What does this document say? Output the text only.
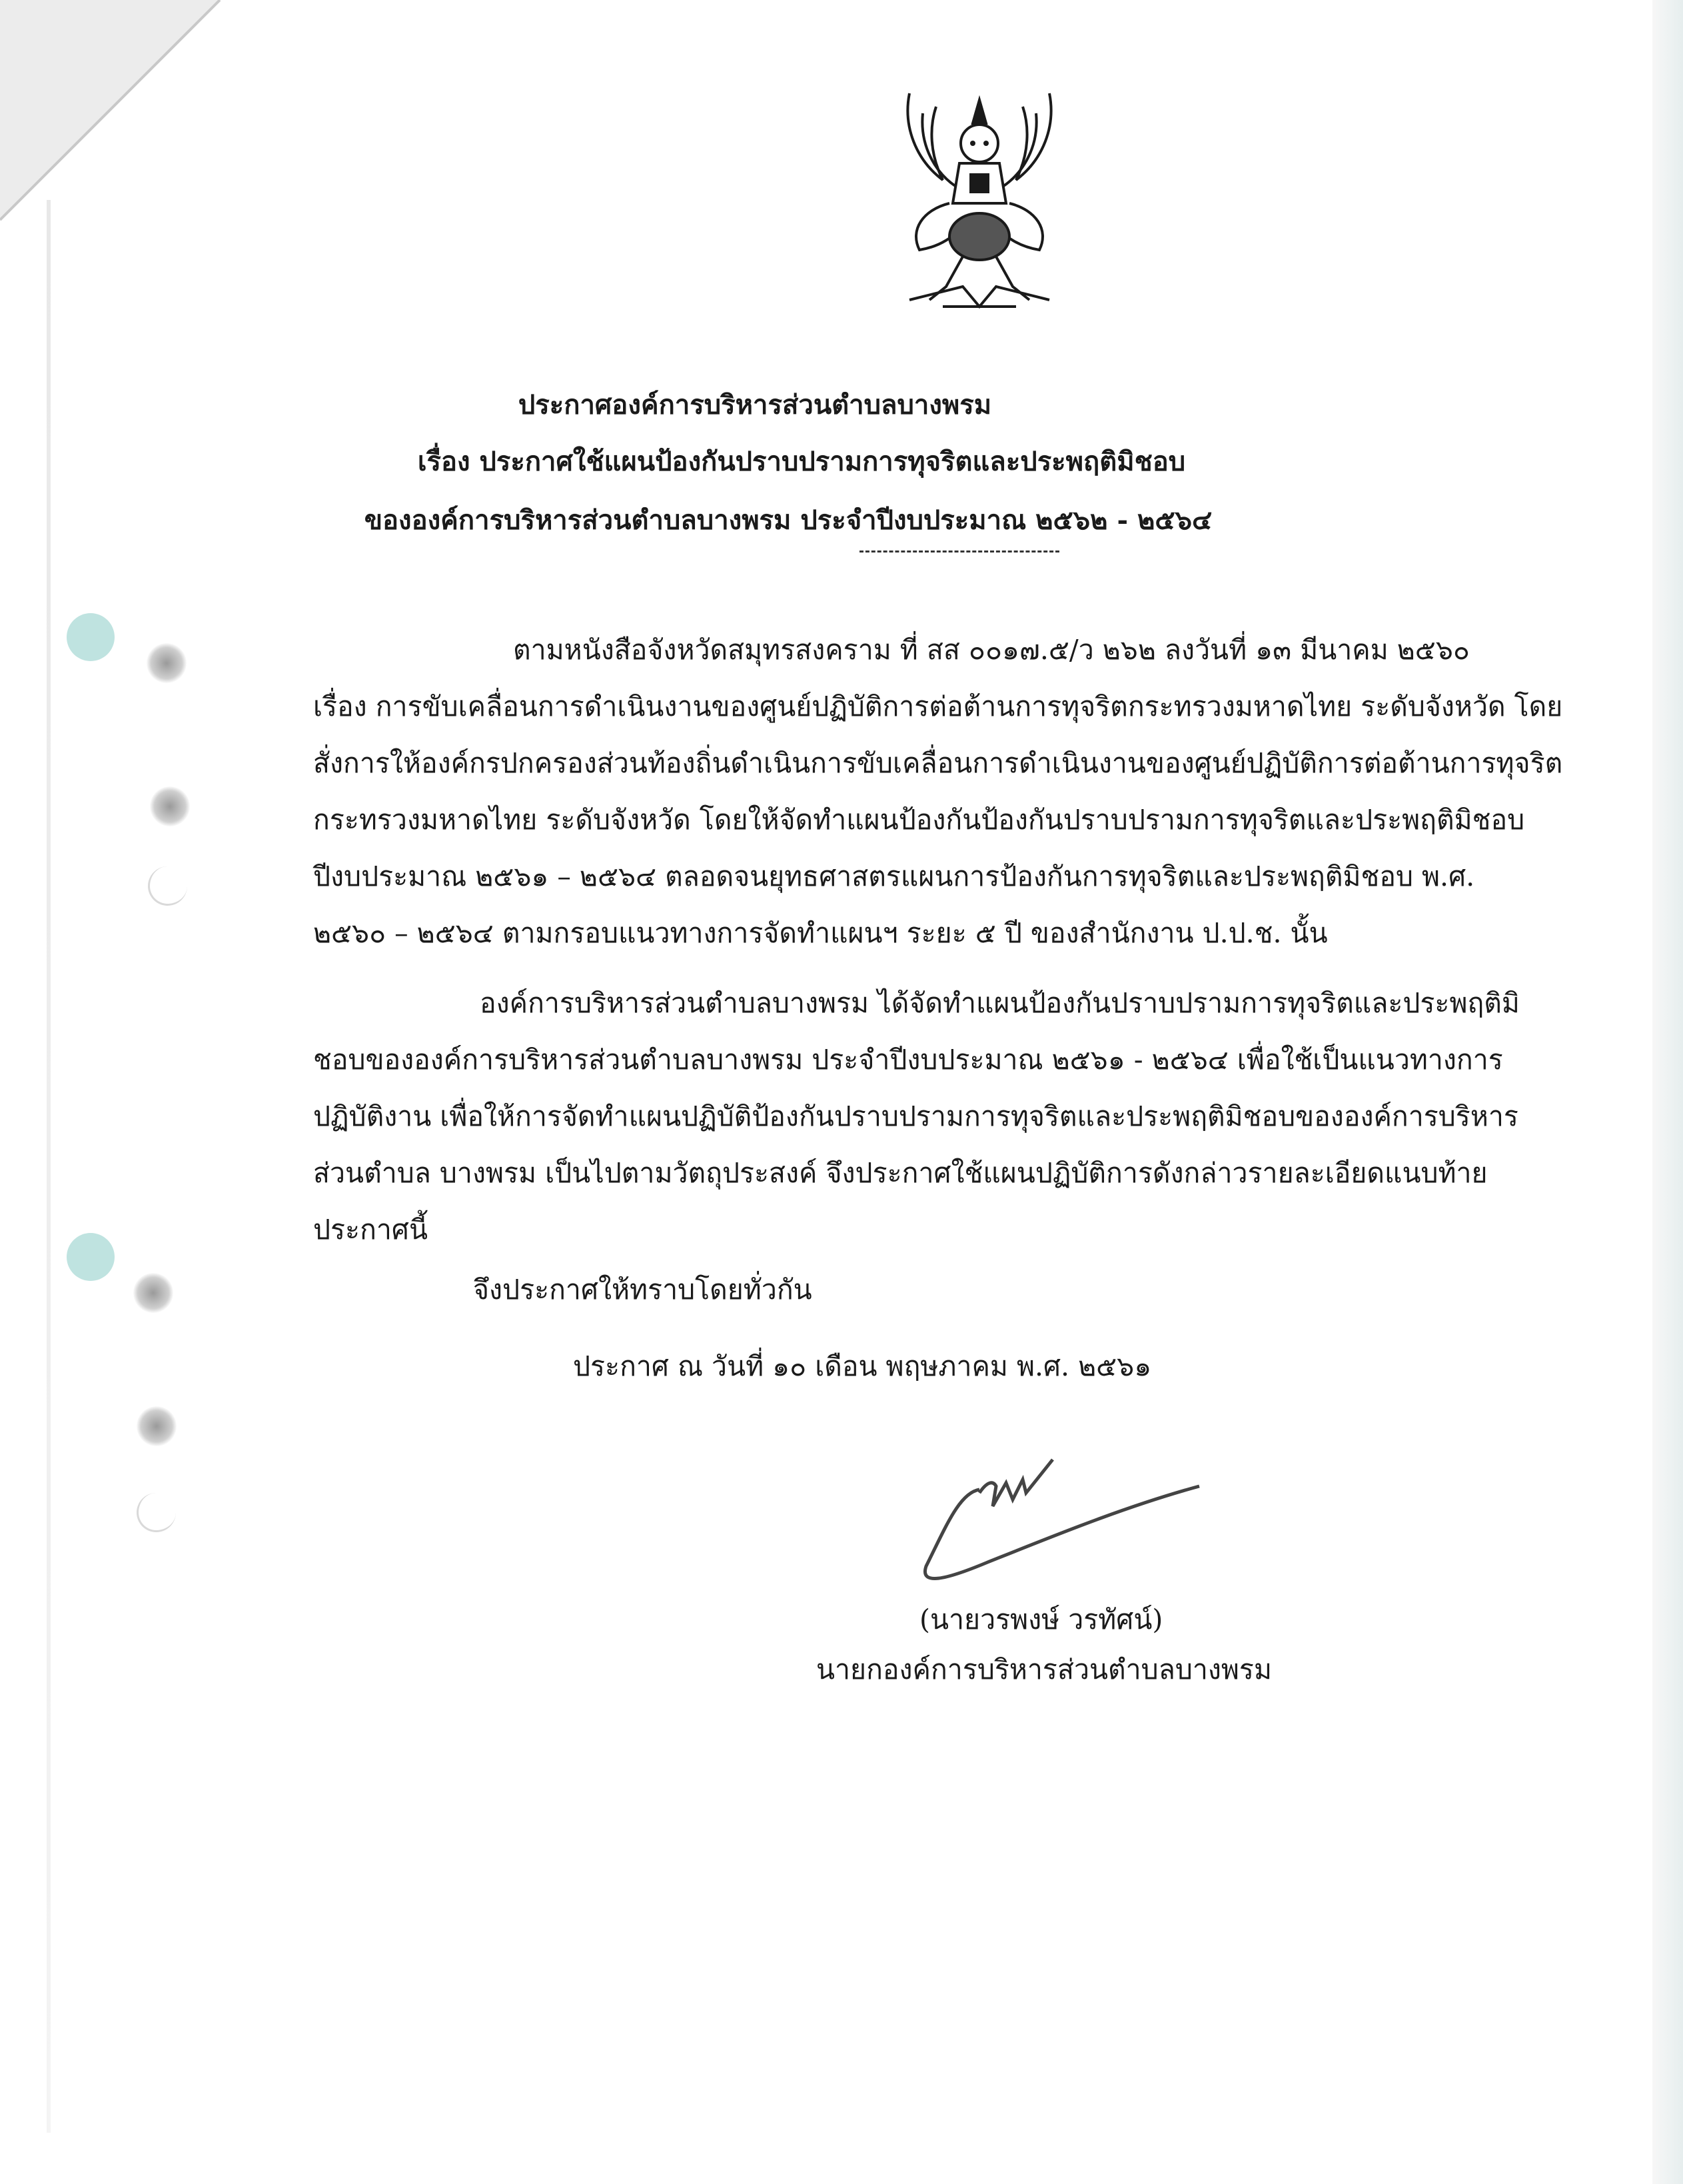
ประกาศองค์การบริหารส่วนตำบลบางพรม
เรื่อง ประกาศใช้แผนป้องกันปราบปรามการทุจริตและประพฤติมิชอบ
ขององค์การบริหารส่วนตำบลบางพรม ประจำปีงบประมาณ ๒๕๖๒ - ๒๕๖๔
ตามหนังสือจังหวัดสมุทรสงคราม ที่ สส ๐๐๑๗.๕/ว ๒๖๒ ลงวันที่ ๑๓ มีนาคม ๒๕๖๐
เรื่อง การขับเคลื่อนการดำเนินงานของศูนย์ปฏิบัติการต่อต้านการทุจริตกระทรวงมหาดไทย ระดับจังหวัด โดย
สั่งการให้องค์กรปกครองส่วนท้องถิ่นดำเนินการขับเคลื่อนการดำเนินงานของศูนย์ปฏิบัติการต่อต้านการทุจริต
กระทรวงมหาดไทย ระดับจังหวัด โดยให้จัดทำแผนป้องกันป้องกันปราบปรามการทุจริตและประพฤติมิชอบ
ปีงบประมาณ ๒๕๖๑ – ๒๕๖๔ ตลอดจนยุทธศาสตรแผนการป้องกันการทุจริตและประพฤติมิชอบ พ.ศ.
๒๕๖๐ – ๒๕๖๔ ตามกรอบแนวทางการจัดทำแผนฯ ระยะ ๕ ปี ของสำนักงาน ป.ป.ช. นั้น
องค์การบริหารส่วนตำบลบางพรม ได้จัดทำแผนป้องกันปราบปรามการทุจริตและประพฤติมิ
ชอบขององค์การบริหารส่วนตำบลบางพรม ประจำปีงบประมาณ ๒๕๖๑ - ๒๕๖๔ เพื่อใช้เป็นแนวทางการ
ปฏิบัติงาน เพื่อให้การจัดทำแผนปฏิบัติป้องกันปราบปรามการทุจริตและประพฤติมิชอบขององค์การบริหาร
ส่วนตำบล บางพรม เป็นไปตามวัตถุประสงค์ จึงประกาศใช้แผนปฏิบัติการดังกล่าวรายละเอียดแนบท้าย
ประกาศนี้
จึงประกาศให้ทราบโดยทั่วกัน
ประกาศ ณ วันที่ ๑๐ เดือน พฤษภาคม พ.ศ. ๒๕๖๑
(นายวรพงษ์ วรทัศน์)
นายกองค์การบริหารส่วนตำบลบางพรม
